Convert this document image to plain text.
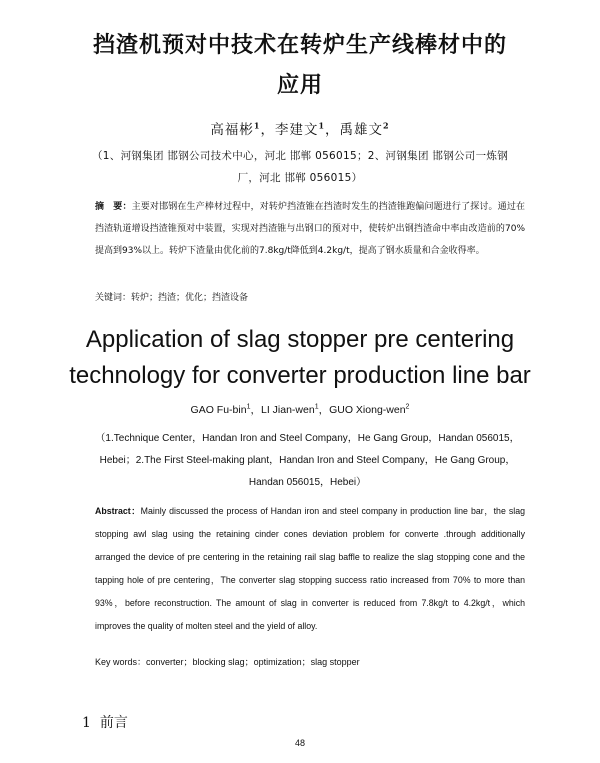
挡渣机预对中技术在转炉生产线棒材中的
应用
高福彬$^1$，李建文$^1$，禹雄文$^2$
（1、河钢集团 邯钢公司技术中心，河北 邯郸 056015；2、河钢集团 邯钢公司一炼钢
厂，河北 邯郸 056015）
摘　要：主要对邯钢在生产棒材过程中，对转炉挡渣锥在挡渣时发生的挡渣锥跑偏问题进行了探讨。通过在挡渣轨道增设挡渣锥预对中装置，实现对挡渣锥与出钢口的预对中，使转炉出钢挡渣命中率由改造前的70%提高到93%以上。转炉下渣量由优化前的7.8kg/t降低到4.2kg/t，提高了钢水质量和合金收得率。
关键词：转炉；挡渣；优化；挡渣设备
Application of slag stopper pre centering
technology for converter production line bar
GAO Fu-bin$^1$，LI Jian-wen$^1$，GUO Xiong-wen$^2$
（1.Technique Center，Handan Iron and Steel Company，He Gang Group，Handan 056015，
Hebei；2.The First Steel-making plant，Handan Iron and Steel Company，He Gang Group，
Handan 056015，Hebei）
Abstract：Mainly discussed the process of Handan iron and steel company in production line bar，the slag stopping awl slag using the retaining cinder cones deviation problem for converte .through additionally arranged the device of pre centering in the retaining rail slag baffle to realize the slag stopping cone and the tapping hole of pre centering，The converter slag stopping success ratio increased from 70% to more than 93%，before reconstruction. The amount of slag in converter is reduced from 7.8kg/t to 4.2kg/t，which improves the quality of molten steel and the yield of alloy.
Key words：converter；blocking slag；optimization；slag stopper
1 前言
48
